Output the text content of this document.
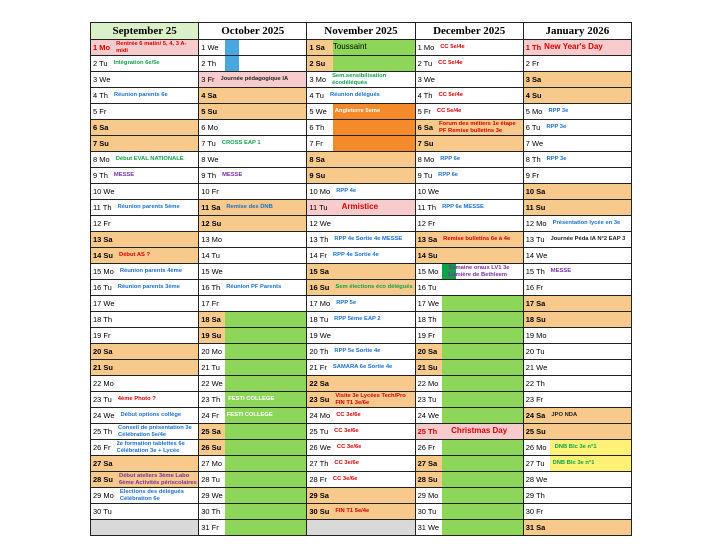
September 25	October 2025	November 2025	December 2025	January 2026

1 Mo Rentrée 6 matin/ 5, 4, 3 A-midi	1 We	1 Sa Toussaint	1 Mo CC 5e/4e	1 Th New Year's Day

2 Tu Intégration 6e/5e	2 Th	2 Su	2 Tu CC 5e/4e	2 Fr

3 We	3 Fr Journée pédagogique IA	3 Mo Sem.sensibilisation écodéléqués	3 We	3 Sa

4 Th Réunion parents 6e	4 Sa	4 Tu Réunion délégués	4 Th CC 5e/4e	4 Su

5 Fr	5 Su	5 We Angleterre 5eme	5 Fr CC 5e/4e	5 Mo RPP 3e

6 Sa	6 Mo	6 Th	6 Sa Forum des métiers 1e étape PF Remise bulletins 3e	6 Tu RPP 3e

7 Su	7 Tu CROSS EAP 1	7 Fr	7 Su	7 We

8 Mo Début ÉVAL NATIONALE	8 We	8 Sa	8 Mo RPP 6e	8 Th RPP 3e

9 Th MESSE	9 Th MESSE	9 Su	9 Tu RPP 6e	9 Fr

10 We	10 Fr	10 Mo RPP 4e	10 We	10 Sa

11 Th Réunion parents 5ème	11 Sa Remise des DNB	11 Tu Armistice	11 Th RPP 6e MESSE	11 Su

12 Fr	12 Su	12 We	12 Fr	12 Mo Présentation lycée en 3e

13 Sa	13 Mo	13 Th RPP 4e Sortie 4e MESSE	13 Sa Remise bulletins 6e à 4e	13 Tu Journée Péda IA N°2 EAP 3

14 Su Début AS ?	14 Tu	14 Fr RPP 4e Sortie 4e	14 Su	14 We

15 Mo Réunion parents 4ème	15 We	15 Sa	15 Mo Semaine oraux LV1 3e Lumière de Bethleem	15 Th MESSE

16 Tu Réunion parents 3ème	16 Th Réunion PF Parents	16 Su Sem élections éco délégués	16 Tu	16 Fr

17 We	17 Fr	17 Mo RPP 5e	17 We	17 Sa

18 Th	18 Sa	18 Tu RPP 5ème EAP 2	18 Th	18 Su

19 Fr	19 Su	19 We	19 Fr	19 Mo

20 Sa	20 Mo	20 Th RPP 5e Sortie 4e	20 Sa	20 Tu

21 Su	21 Tu	21 Fr SAMARA 6e Sortie 4e	21 Su	21 We

22 Mo	22 We	22 Sa	22 Mo	22 Th

23 Tu 4ème Photo ?	23 Th FESTI COLLEGE	23 Su Visite 3e Lycées Tech/Pro FIN T1 3e/6e	23 Tu	23 Fr

24 We Début options collège	24 Fr FESTI COLLEGE	24 Mo CC 3e/6e	24 We	24 Sa JPO NDA

25 Th Conseil de présentation 3e Célébration 5e/4e	25 Sa	25 Tu CC 3e/6e	25 Th Christmas Day	25 Su

26 Fr 2e formation tablettes 6e Célébration 3e + Lycée	26 Su	26 We CC 3e/6e	26 Fr	26 Mo DNB Blc 3e n°1

27 Sa	27 Mo	27 Th CC 3e/6e	27 Sa	27 Tu DNB Blc 3e n°1

28 Su Début ateliers 3ème Labo 6ème Activités périscolaires	28 Tu	28 Fr CC 3e/6e	28 Su	28 We

29 Mo Élections des délégués Célébration 6e	29 We	29 Sa	29 Mo	29 Th

30 Tu	30 Th	30 Su FIN T1 5e/4e	30 Tu	30 Fr

	31 Fr		31 We	31 Sa
